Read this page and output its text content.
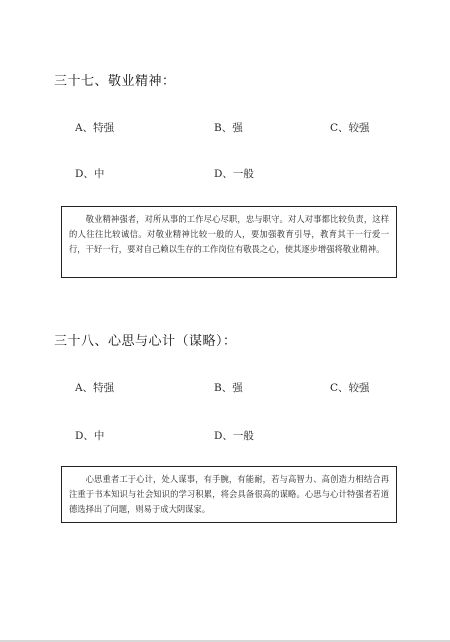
三十七、敬业精神：
A、特强	B、强	C、较强
D、中	D、一般

敬业精神强者，对所从事的工作尽心尽职，忠与职守。对人对事都比较负责，这样的人往往比较诚信。对敬业精神比较一般的人，要加强教育引导，教育其干一行爱一行，干好一行，要对自己赖以生存的工作岗位有敬畏之心，使其逐步增强将敬业精神。

三十八、心思与心计（谋略）：
A、特强	B、强	C、较强
D、中	D、一般

心思重者工于心计，处人谋事，有手腕，有能耐，若与高智力、高创造力相结合再注重于书本知识与社会知识的学习积累，将会具备很高的谋略。心思与心计特强者若道德选择出了问题，则易于成大阴谋家。
